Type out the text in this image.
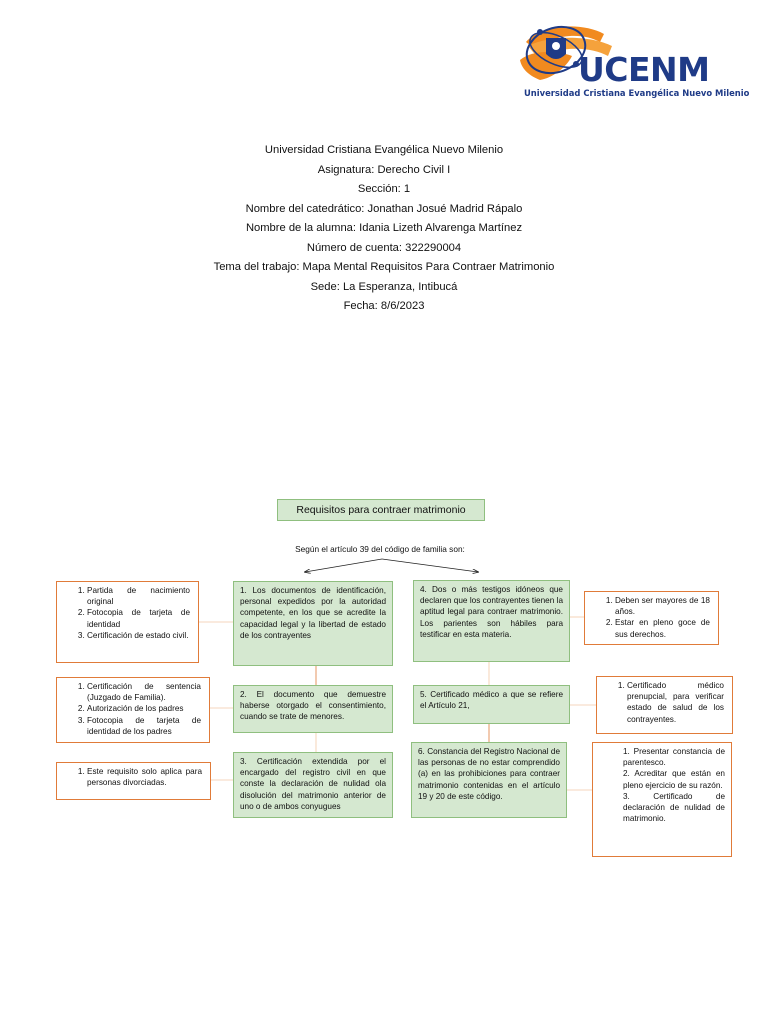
UCENM
Universidad Cristiana Evangélica Nuevo Milenio
Universidad Cristiana Evangélica Nuevo Milenio
Asignatura: Derecho Civil I
Sección: 1
Nombre del catedrático: Jonathan Josué Madrid Rápalo
Nombre de la alumna: Idania Lizeth Alvarenga Martínez
Número de cuenta: 322290004
Tema del trabajo: Mapa Mental Requisitos Para Contraer Matrimonio
Sede: La Esperanza, Intibucá
Fecha: 8/6/2023
Requisitos para contraer matrimonio
Según el artículo 39 del código de familia son:
1. Los documentos de identificación, personal expedidos por la autoridad competente, en los que se acredite la capacidad legal y la libertad de estado de los contrayentes
2. El documento que demuestre haberse otorgado el consentimiento, cuando se trate de menores.
3. Certificación extendida por el encargado del registro civil en que conste la declaración de nulidad ola disolución del matrimonio anterior de uno o de ambos conyugues
4. Dos o más testigos idóneos que declaren que los contrayentes tienen la aptitud legal para contraer matrimonio. Los parientes son hábiles para testificar en esta materia.
5. Certificado médico a que se refiere el Artículo 21,
6. Constancia del Registro Nacional de las personas de no estar comprendido (a) en las prohibiciones para contraer matrimonio contenidas en el artículo 19 y 20 de este código.
1. Partida de nacimiento original
2. Fotocopia de tarjeta de identidad
3. Certificación de estado civil.
1. Certificación de sentencia (Juzgado de Familia).
2. Autorización de los padres
3. Fotocopia de tarjeta de identidad de los padres
1. Este requisito solo aplica para personas divorciadas.
1. Deben ser mayores de 18 años.
2. Estar en pleno goce de sus derechos.
1. Certificado médico prenupcial, para verificar estado de salud de los contrayentes.
1. Presentar constancia de parentesco.
2. Acreditar que están en pleno ejercicio de su razón.
3. Certificado de declaración de nulidad de matrimonio.
